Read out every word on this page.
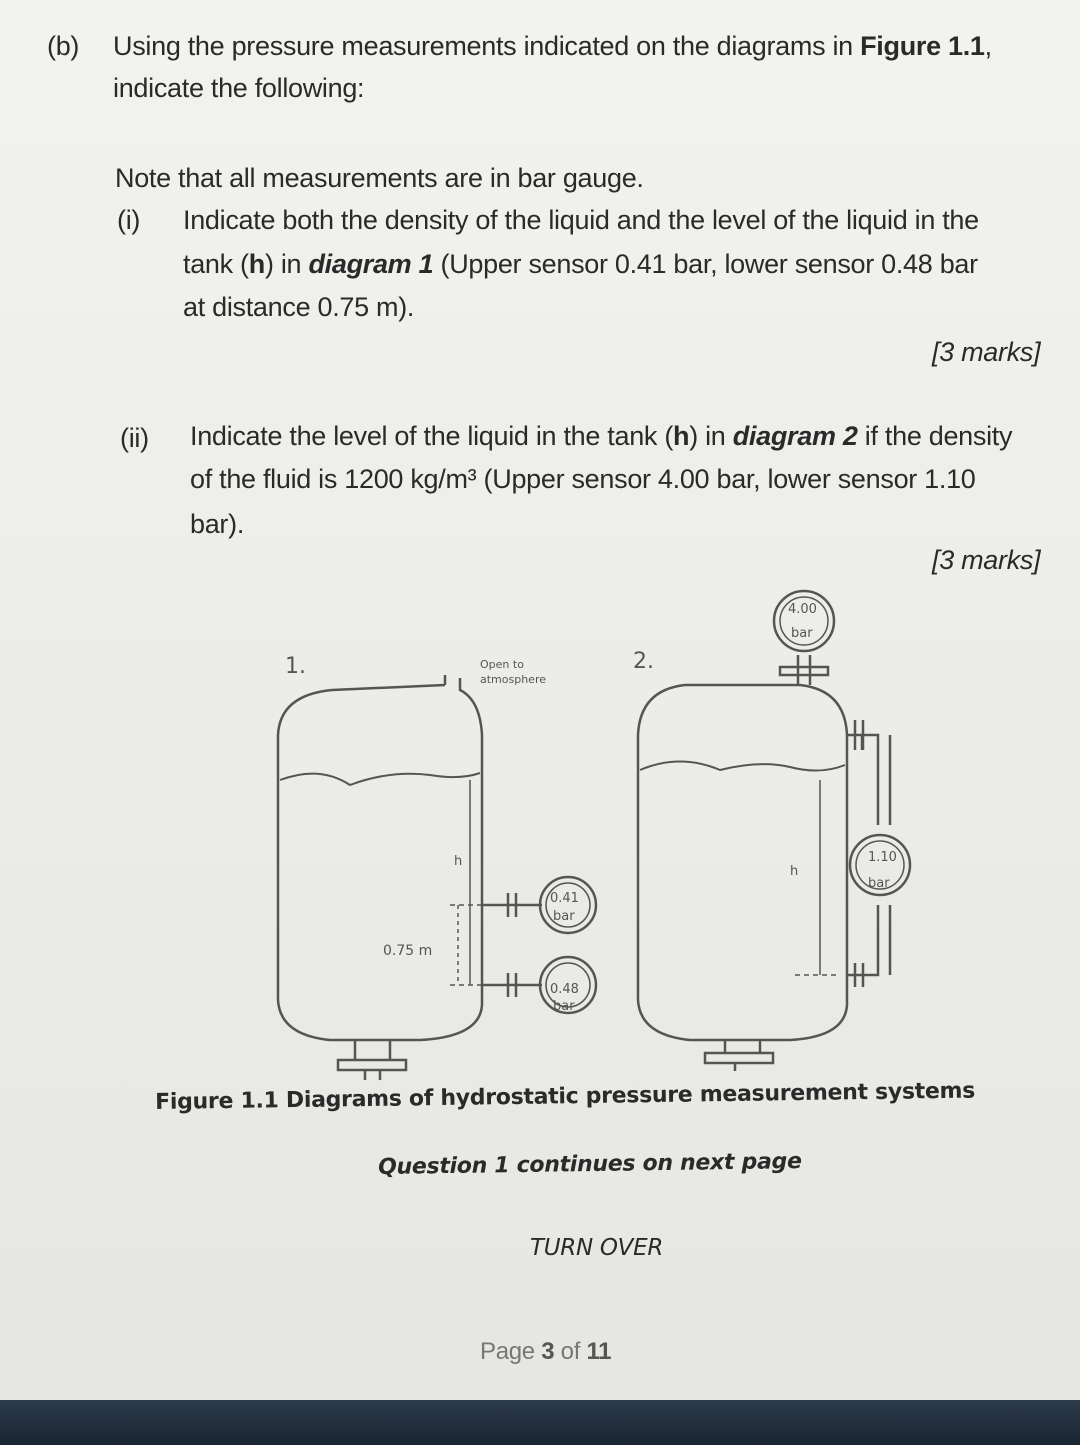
(b) Using the pressure measurements indicated on the diagrams in Figure 1.1,
indicate the following:
Note that all measurements are in bar gauge.
(i) Indicate both the density of the liquid and the level of the liquid in the
tank (h) in diagram 1 (Upper sensor 0.41 bar, lower sensor 0.48 bar
at distance 0.75 m).
[3 marks]
(ii) Indicate the level of the liquid in the tank (h) in diagram 2 if the density
of the fluid is 1200 kg/m³ (Upper sensor 4.00 bar, lower sensor 1.10
bar).
[3 marks]
1.	Open to
atmosphere
h
0.75 m
0.41
bar
0.48
bar
2.
h
4.00
bar
1.10
bar
Figure 1.1 Diagrams of hydrostatic pressure measurement systems
Question 1 continues on next page
TURN OVER
Page 3 of 11
